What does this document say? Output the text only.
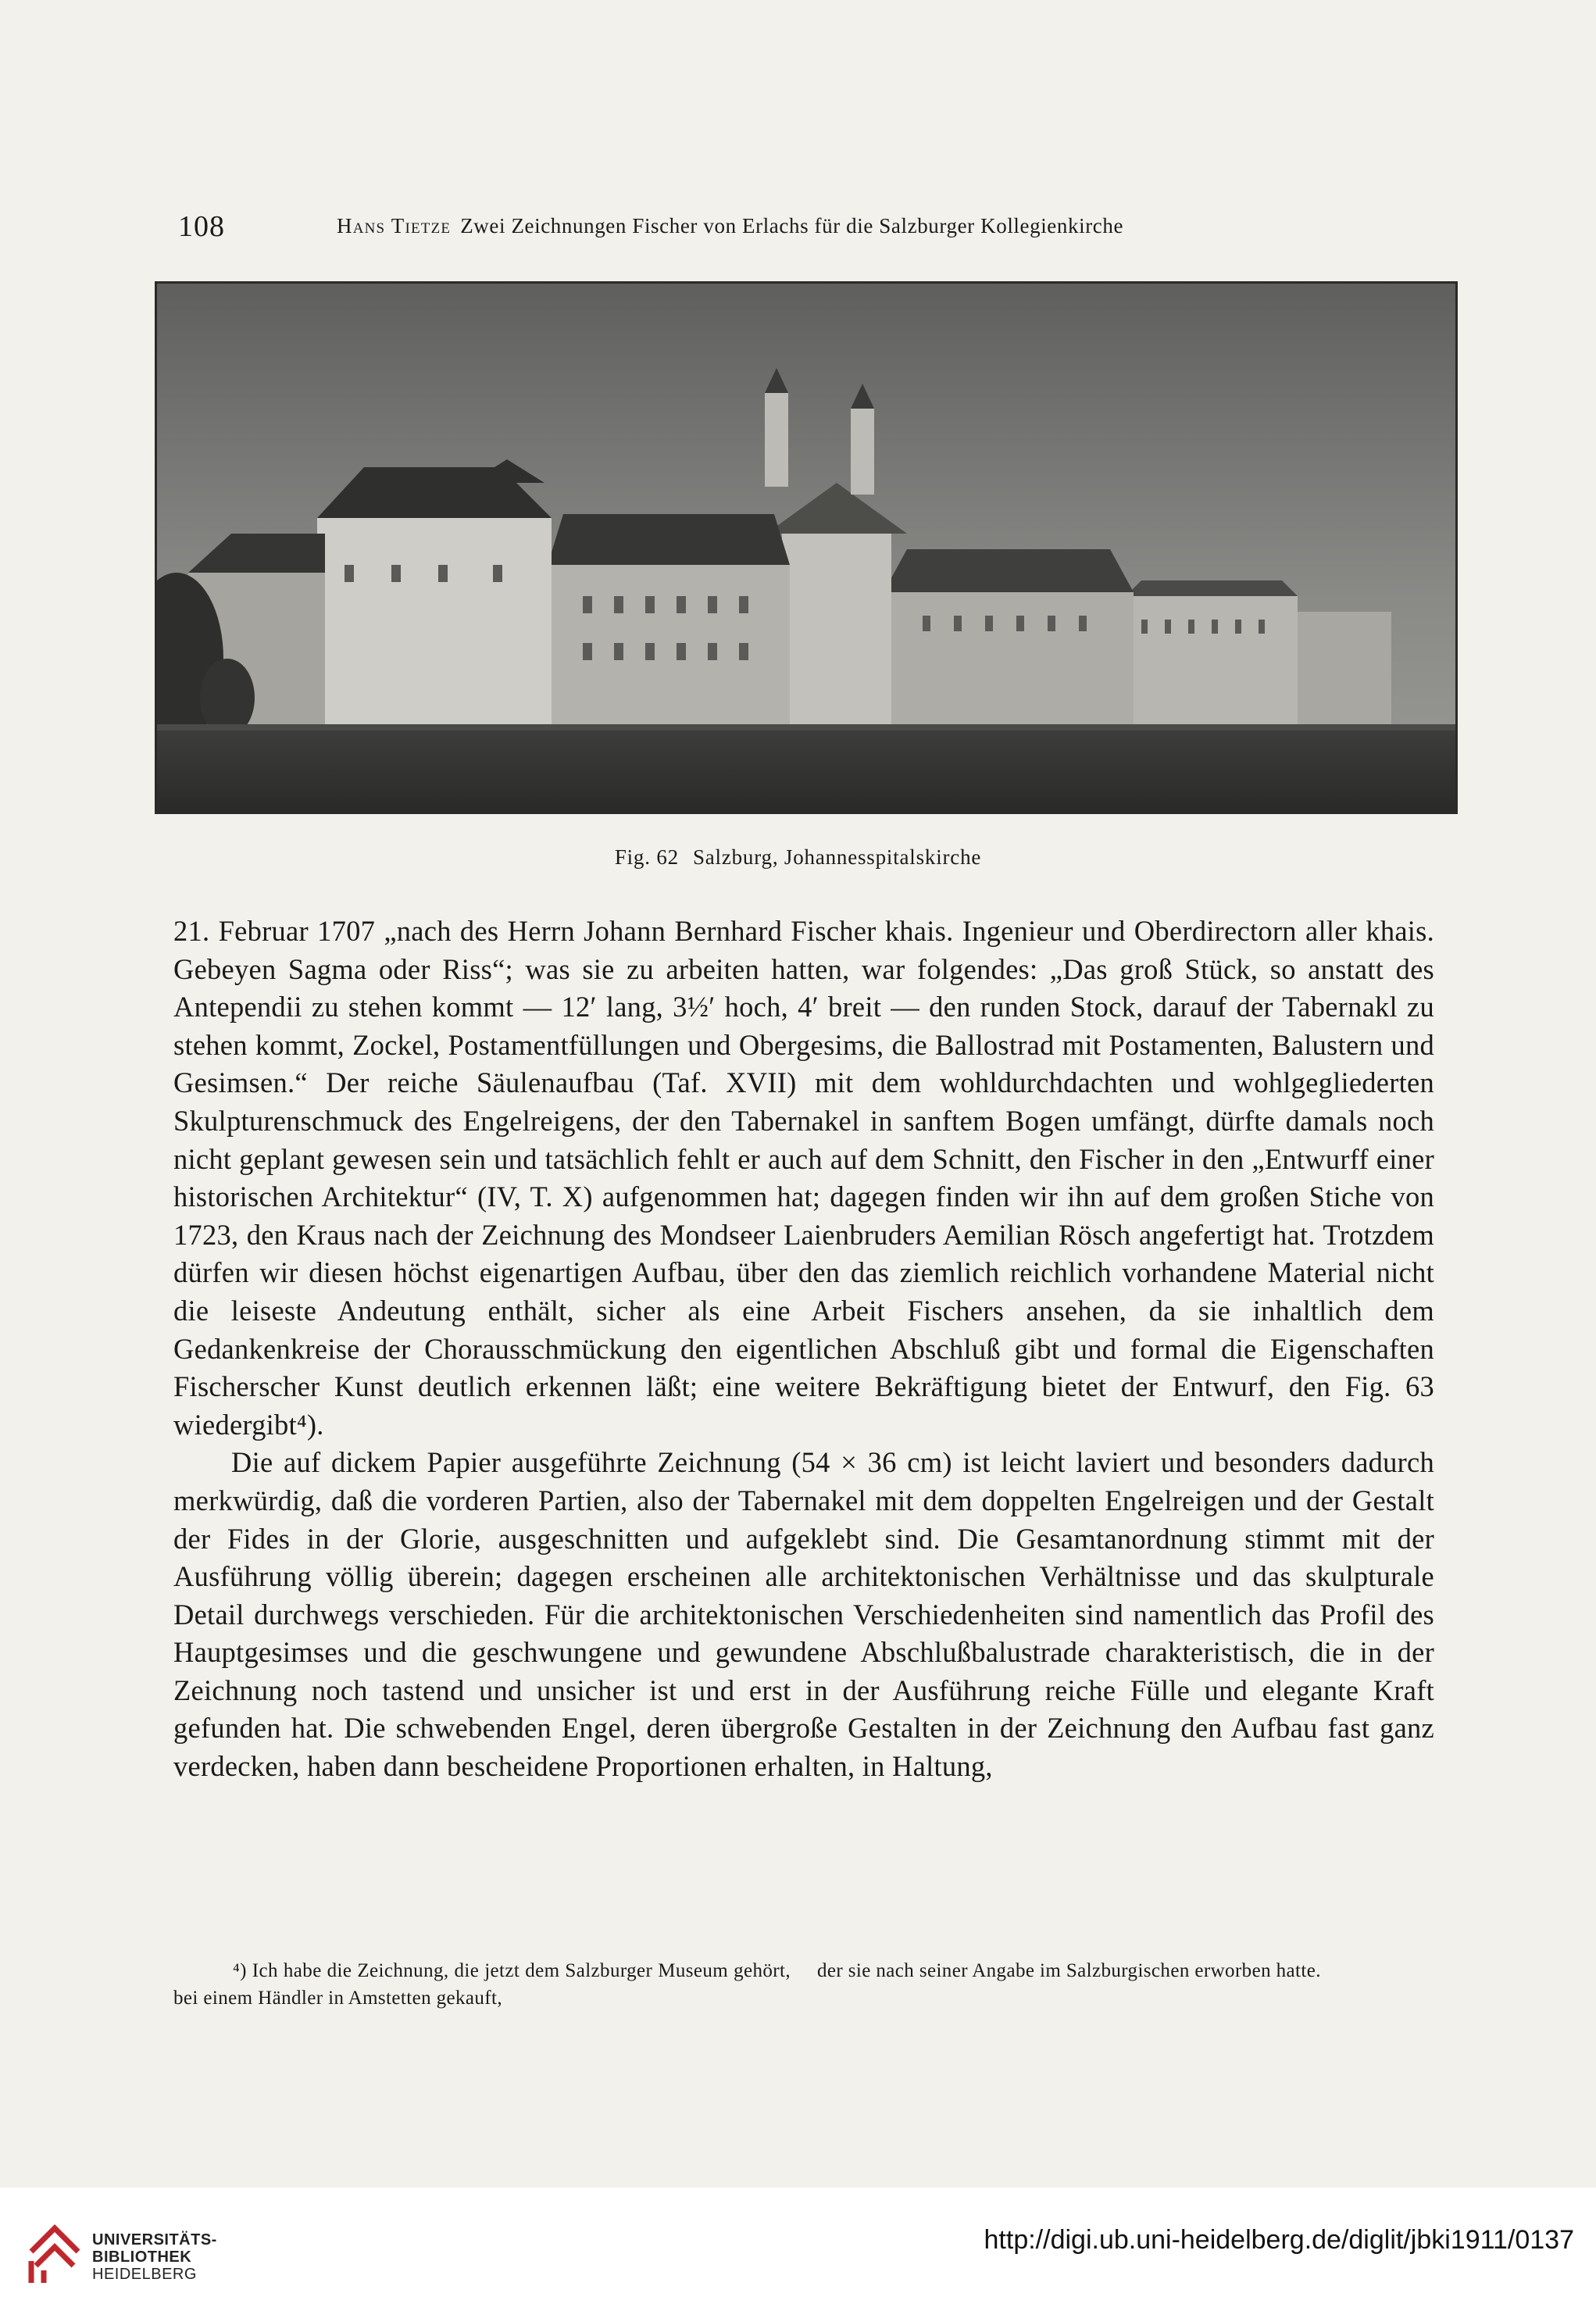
108	Hans Tietze Zwei Zeichnungen Fischer von Erlachs für die Salzburger Kollegienkirche
Fig. 62 Salzburg, Johannesspitalskirche

21. Februar 1707 „nach des Herrn Johann Bernhard Fischer khais. Ingenieur und Oberdirectorn aller khais. Gebeyen Sagma oder Riss“; was sie zu arbeiten hatten, war folgendes: „Das groß Stück, so anstatt des Antependii zu stehen kommt — 12′ lang, 3½′ hoch, 4′ breit — den runden Stock, darauf der Tabernakl zu stehen kommt, Zockel, Postamentfüllungen und Obergesims, die Ballostrad mit Postamenten, Balustern und Gesimsen.“ Der reiche Säulenaufbau (Taf. XVII) mit dem wohldurchdachten und wohlgegliederten Skulpturenschmuck des Engelreigens, der den Tabernakel in sanftem Bogen umfängt, dürfte damals noch nicht geplant gewesen sein und tatsächlich fehlt er auch auf dem Schnitt, den Fischer in den „Entwurff einer historischen Architektur“ (IV, T. X) aufgenommen hat; dagegen finden wir ihn auf dem großen Stiche von 1723, den Kraus nach der Zeichnung des Mondseer Laienbruders Aemilian Rösch angefertigt hat. Trotzdem dürfen wir diesen höchst eigenartigen Aufbau, über den das ziemlich reichlich vorhandene Material nicht die leiseste Andeutung enthält, sicher als eine Arbeit Fischers ansehen, da sie inhaltlich dem Gedankenkreise der Chorausschmückung den eigentlichen Abschluß gibt und formal die Eigenschaften Fischerscher Kunst deutlich erkennen läßt; eine weitere Bekräftigung bietet der Entwurf, den Fig. 63 wiedergibt⁴).

Die auf dickem Papier ausgeführte Zeichnung (54 × 36 cm) ist leicht laviert und besonders dadurch merkwürdig, daß die vorderen Partien, also der Tabernakel mit dem doppelten Engelreigen und der Gestalt der Fides in der Glorie, ausgeschnitten und aufgeklebt sind. Die Gesamtanordnung stimmt mit der Ausführung völlig überein; dagegen erscheinen alle architektonischen Verhältnisse und das skulpturale Detail durchwegs verschieden. Für die architektonischen Verschiedenheiten sind namentlich das Profil des Hauptgesimses und die geschwungene und gewundene Abschlußbalustrade charakteristisch, die in der Zeichnung noch tastend und unsicher ist und erst in der Ausführung reiche Fülle und elegante Kraft gefunden hat. Die schwebenden Engel, deren übergroße Gestalten in der Zeichnung den Aufbau fast ganz verdecken, haben dann bescheidene Proportionen erhalten, in Haltung,

⁴) Ich habe die Zeichnung, die jetzt dem Salzburger Museum gehört, bei einem Händler in Amstetten gekauft,
der sie nach seiner Angabe im Salzburgischen erworben hatte.
UNIVERSITÄTS-
BIBLIOTHEK
HEIDELBERG
http://digi.ub.uni-heidelberg.de/diglit/jbki1911/0137
